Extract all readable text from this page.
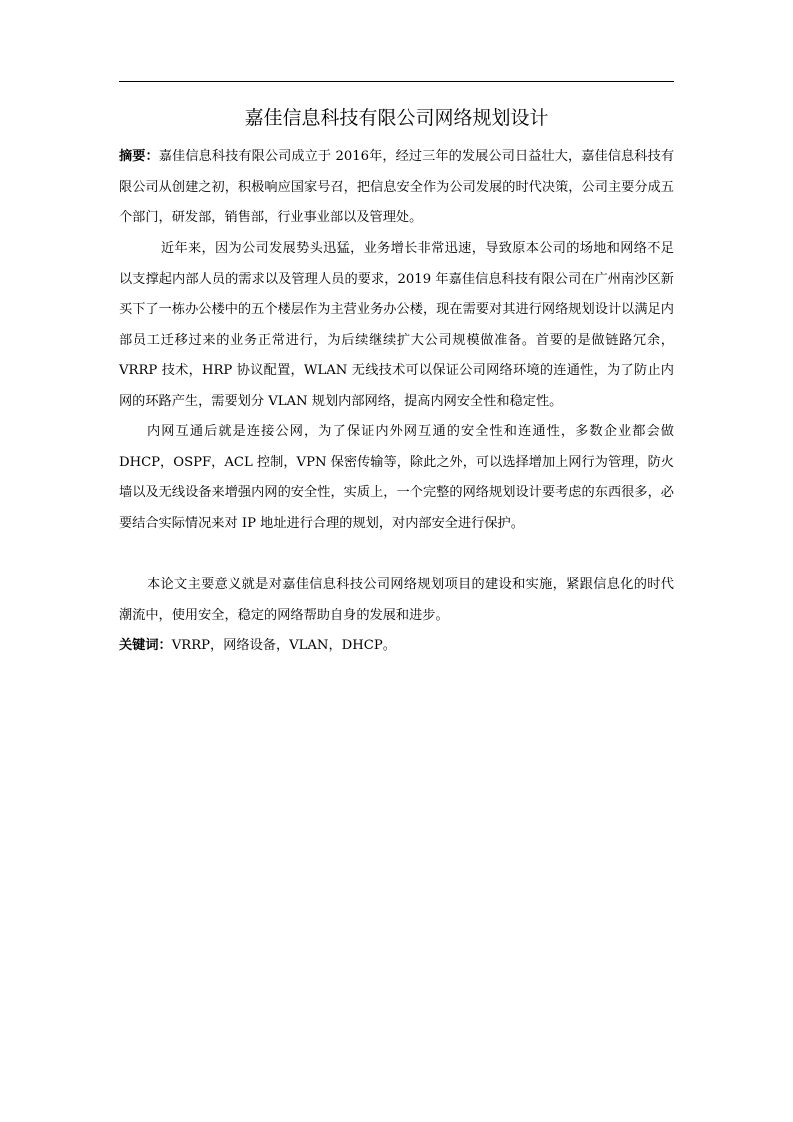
嘉佳信息科技有限公司网络规划设计

摘要：嘉佳信息科技有限公司成立于 2016年，经过三年的发展公司日益壮大，嘉佳信息科技有限公司从创建之初，积极响应国家号召，把信息安全作为公司发展的时代决策，公司主要分成五个部门，研发部，销售部，行业事业部以及管理处。

近年来，因为公司发展势头迅猛，业务增长非常迅速，导致原本公司的场地和网络不足以支撑起内部人员的需求以及管理人员的要求，2019 年嘉佳信息科技有限公司在广州南沙区新买下了一栋办公楼中的五个楼层作为主营业务办公楼，现在需要对其进行网络规划设计以满足内部员工迁移过来的业务正常进行，为后续继续扩大公司规模做准备。首要的是做链路冗余，VRRP 技术，HRP 协议配置，WLAN 无线技术可以保证公司网络环境的连通性，为了防止内网的环路产生，需要划分 VLAN 规划内部网络，提高内网安全性和稳定性。

内网互通后就是连接公网，为了保证内外网互通的安全性和连通性，多数企业都会做 DHCP，OSPF，ACL 控制，VPN 保密传输等，除此之外，可以选择增加上网行为管理，防火墙以及无线设备来增强内网的安全性，实质上，一个完整的网络规划设计要考虑的东西很多，必要结合实际情况来对 IP 地址进行合理的规划，对内部安全进行保护。

本论文主要意义就是对嘉佳信息科技公司网络规划项目的建设和实施，紧跟信息化的时代潮流中，使用安全，稳定的网络帮助自身的发展和进步。

关键词：VRRP，网络设备，VLAN，DHCP。
